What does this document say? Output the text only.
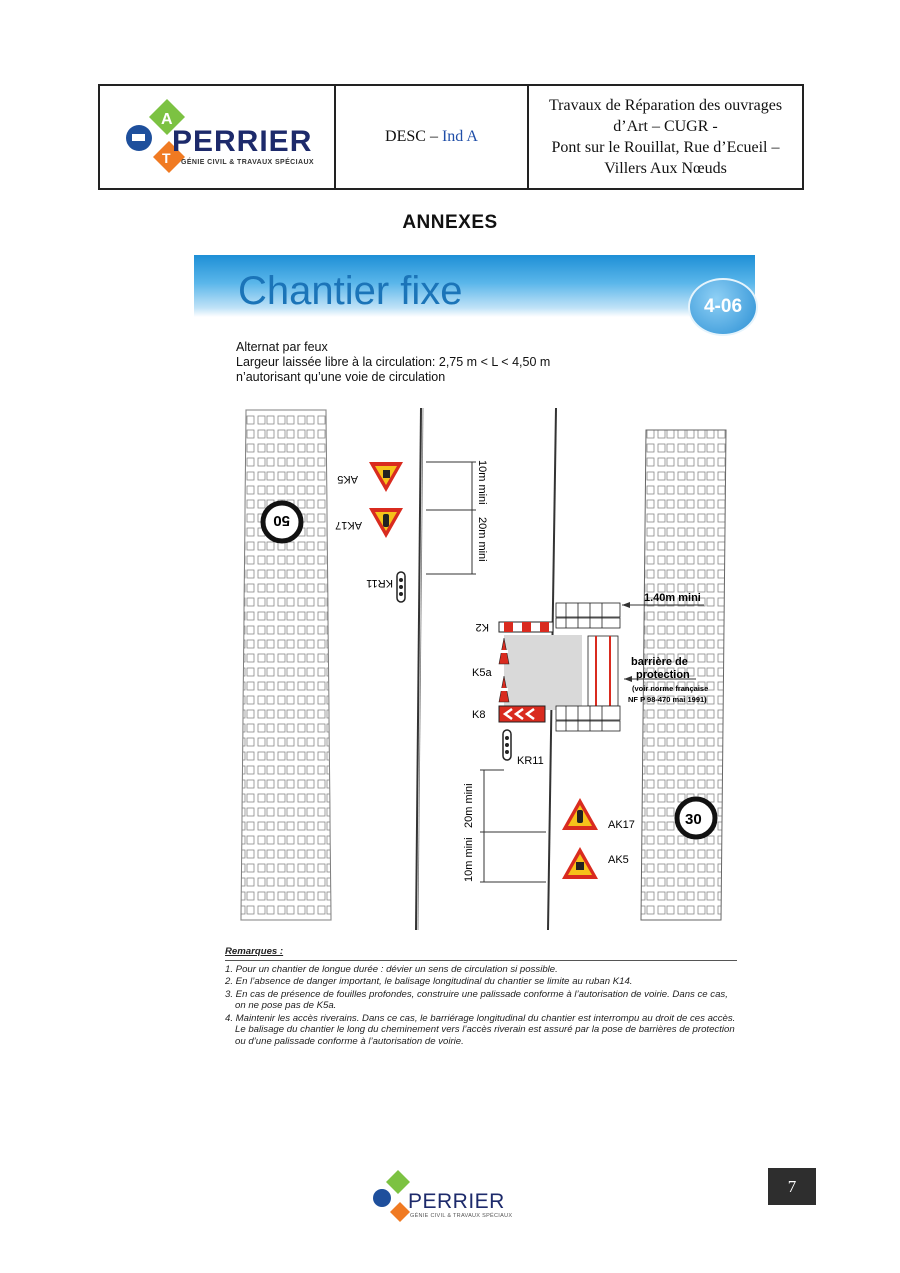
A
T PERRIER
GÉNIE CIVIL & TRAVAUX SPÉCIAUX
DESC –
Ind A
Travaux de Réparation des ouvrages
d’Art – CUGR -
Pont sur le Rouillat, Rue d’Ecueil –
Villers Aux Nœuds
ANNEXES
Chantier fixe	4-06
Alternat par feux
Largeur laissée libre à la circulation: 2,75 m < L < 4,50 m
n’autorisant qu’une voie de circulation
10m mini
20m mini
AK5
AK17
50
KR11
K2
K5a
K8
1.40m mini
barrière de
protection
(voir norme française
NF P 98-470 mai 1991)
KR11
20m mini
10m mini
AK17
AK5
30
Remarques :
1. Pour un chantier de longue durée : dévier un sens de circulation si possible.
2. En l’absence de danger important, le balisage longitudinal du chantier se limite au ruban K14.
3. En cas de présence de fouilles profondes, construire une palissade conforme à l’autorisation de voirie. Dans ce cas, on ne pose pas de K5a.
4. Maintenir les accès riverains. Dans ce cas, le barriérage longitudinal du chantier est interrompu au droit de ces accès. Le balisage du chantier le long du cheminement vers l’accès riverain est assuré par la pose de barrières de protection ou d’une palissade conforme à l’autorisation de voirie.
PERRIER
GÉNIE CIVIL & TRAVAUX SPÉCIAUX
7
